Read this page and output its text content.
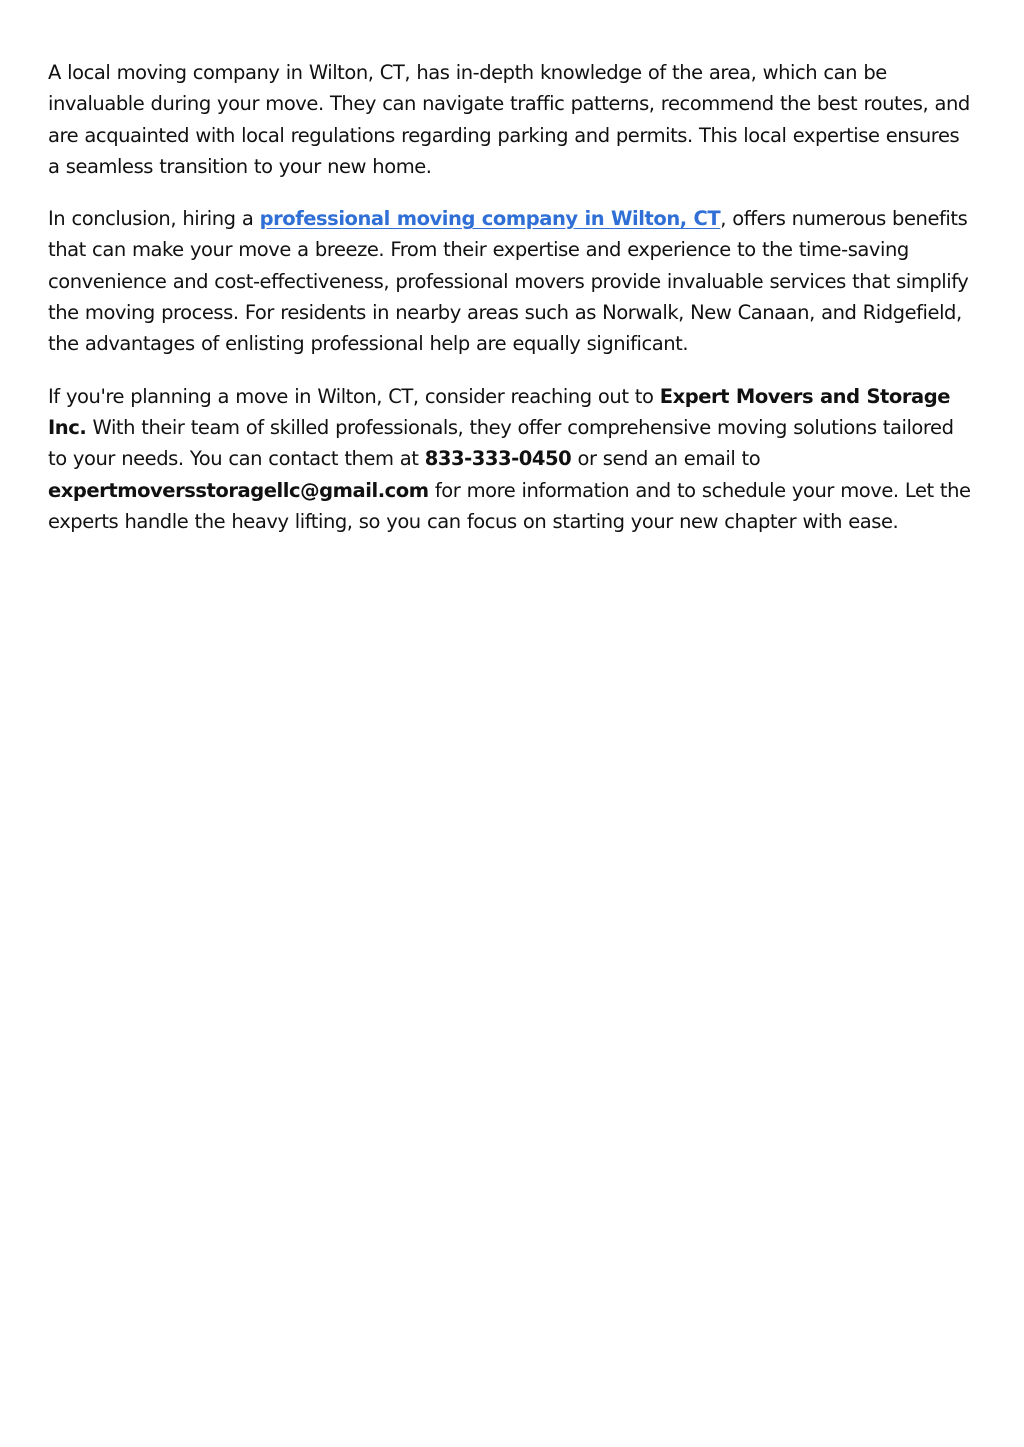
A local moving company in Wilton, CT, has in-depth knowledge of the area, which can be invaluable during your move. They can navigate traffic patterns, recommend the best routes, and are acquainted with local regulations regarding parking and permits. This local expertise ensures a seamless transition to your new home.

In conclusion, hiring a professional moving company in Wilton, CT, offers numerous benefits that can make your move a breeze. From their expertise and experience to the time-saving convenience and cost-effectiveness, professional movers provide invaluable services that simplify the moving process. For residents in nearby areas such as Norwalk, New Canaan, and Ridgefield, the advantages of enlisting professional help are equally significant.

If you're planning a move in Wilton, CT, consider reaching out to Expert Movers and Storage Inc. With their team of skilled professionals, they offer comprehensive moving solutions tailored to your needs. You can contact them at 833-333-0450 or send an email to expertmoversstoragellc@gmail.com for more information and to schedule your move. Let the experts handle the heavy lifting, so you can focus on starting your new chapter with ease.
